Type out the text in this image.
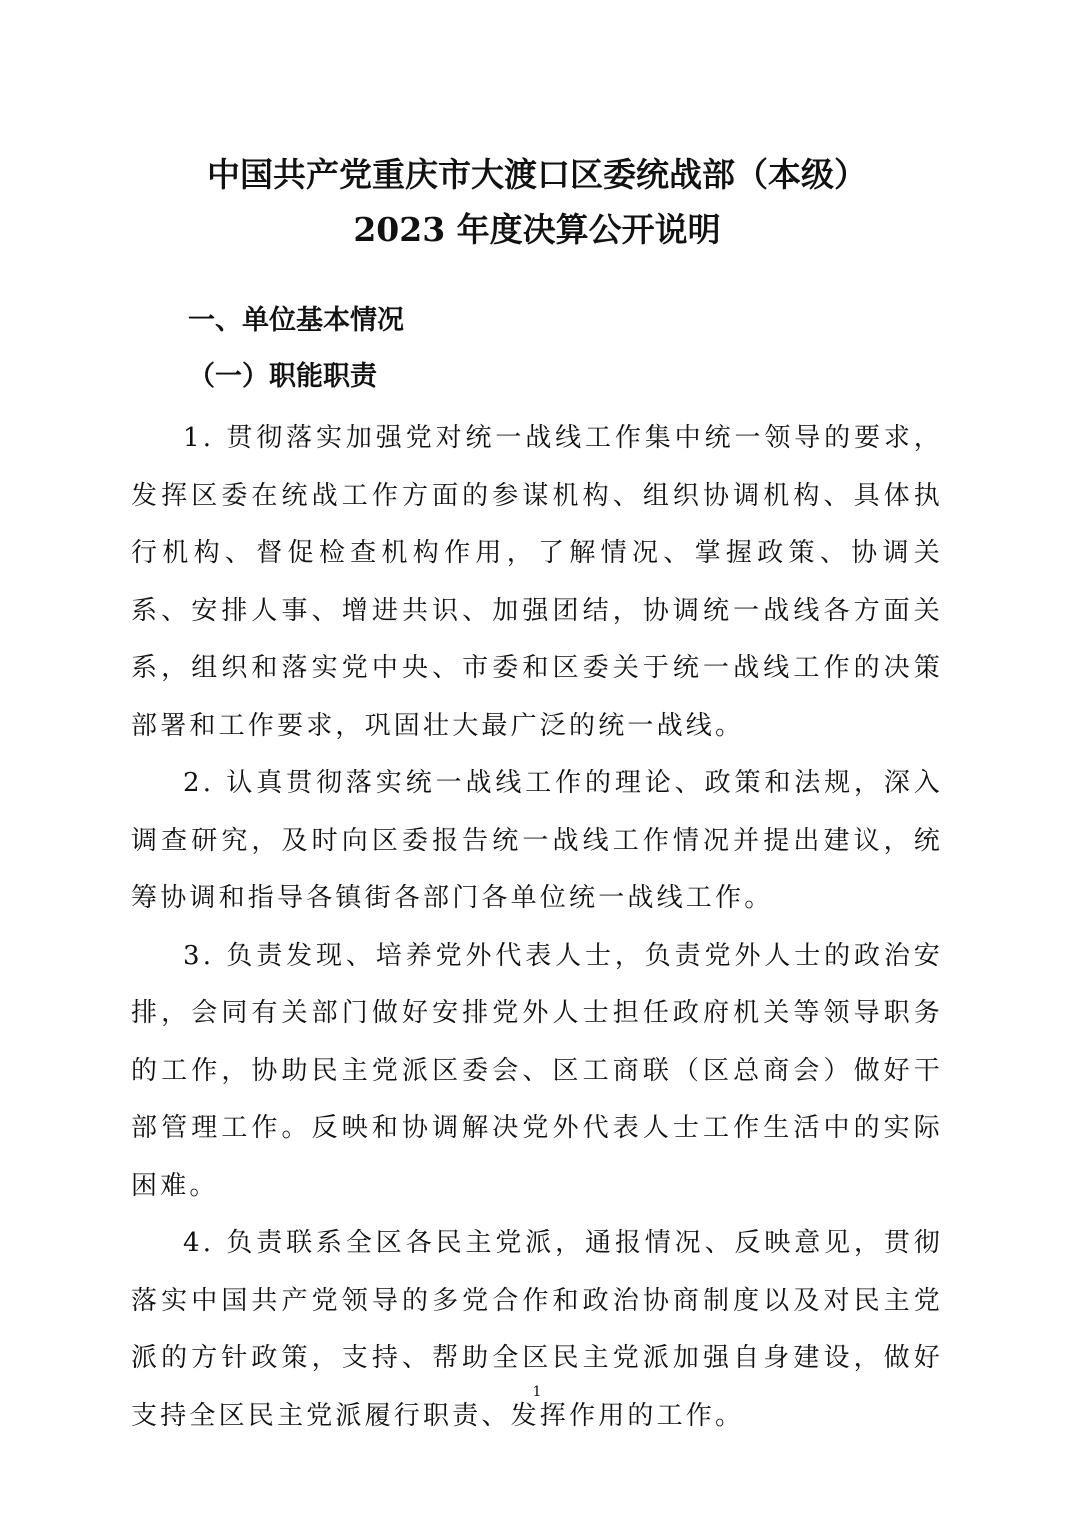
中国共产党重庆市大渡口区委统战部（本级）
2023 年度决算公开说明
一、单位基本情况
（一）职能职责

1. 贯彻落实加强党对统一战线工作集中统一领导的要求，发挥区委在统战工作方面的参谋机构、组织协调机构、具体执行机构、督促检查机构作用，了解情况、掌握政策、协调关系、安排人事、增进共识、加强团结，协调统一战线各方面关系，组织和落实党中央、市委和区委关于统一战线工作的决策部署和工作要求，巩固壮大最广泛的统一战线。

2. 认真贯彻落实统一战线工作的理论、政策和法规，深入调查研究，及时向区委报告统一战线工作情况并提出建议，统筹协调和指导各镇街各部门各单位统一战线工作。

3. 负责发现、培养党外代表人士，负责党外人士的政治安排，会同有关部门做好安排党外人士担任政府机关等领导职务的工作，协助民主党派区委会、区工商联（区总商会）做好干部管理工作。反映和协调解决党外代表人士工作生活中的实际困难。

4. 负责联系全区各民主党派，通报情况、反映意见，贯彻落实中国共产党领导的多党合作和政治协商制度以及对民主党派的方针政策，支持、帮助全区民主党派加强自身建设，做好支持全区民主党派履行职责、发挥作用的工作。

1
